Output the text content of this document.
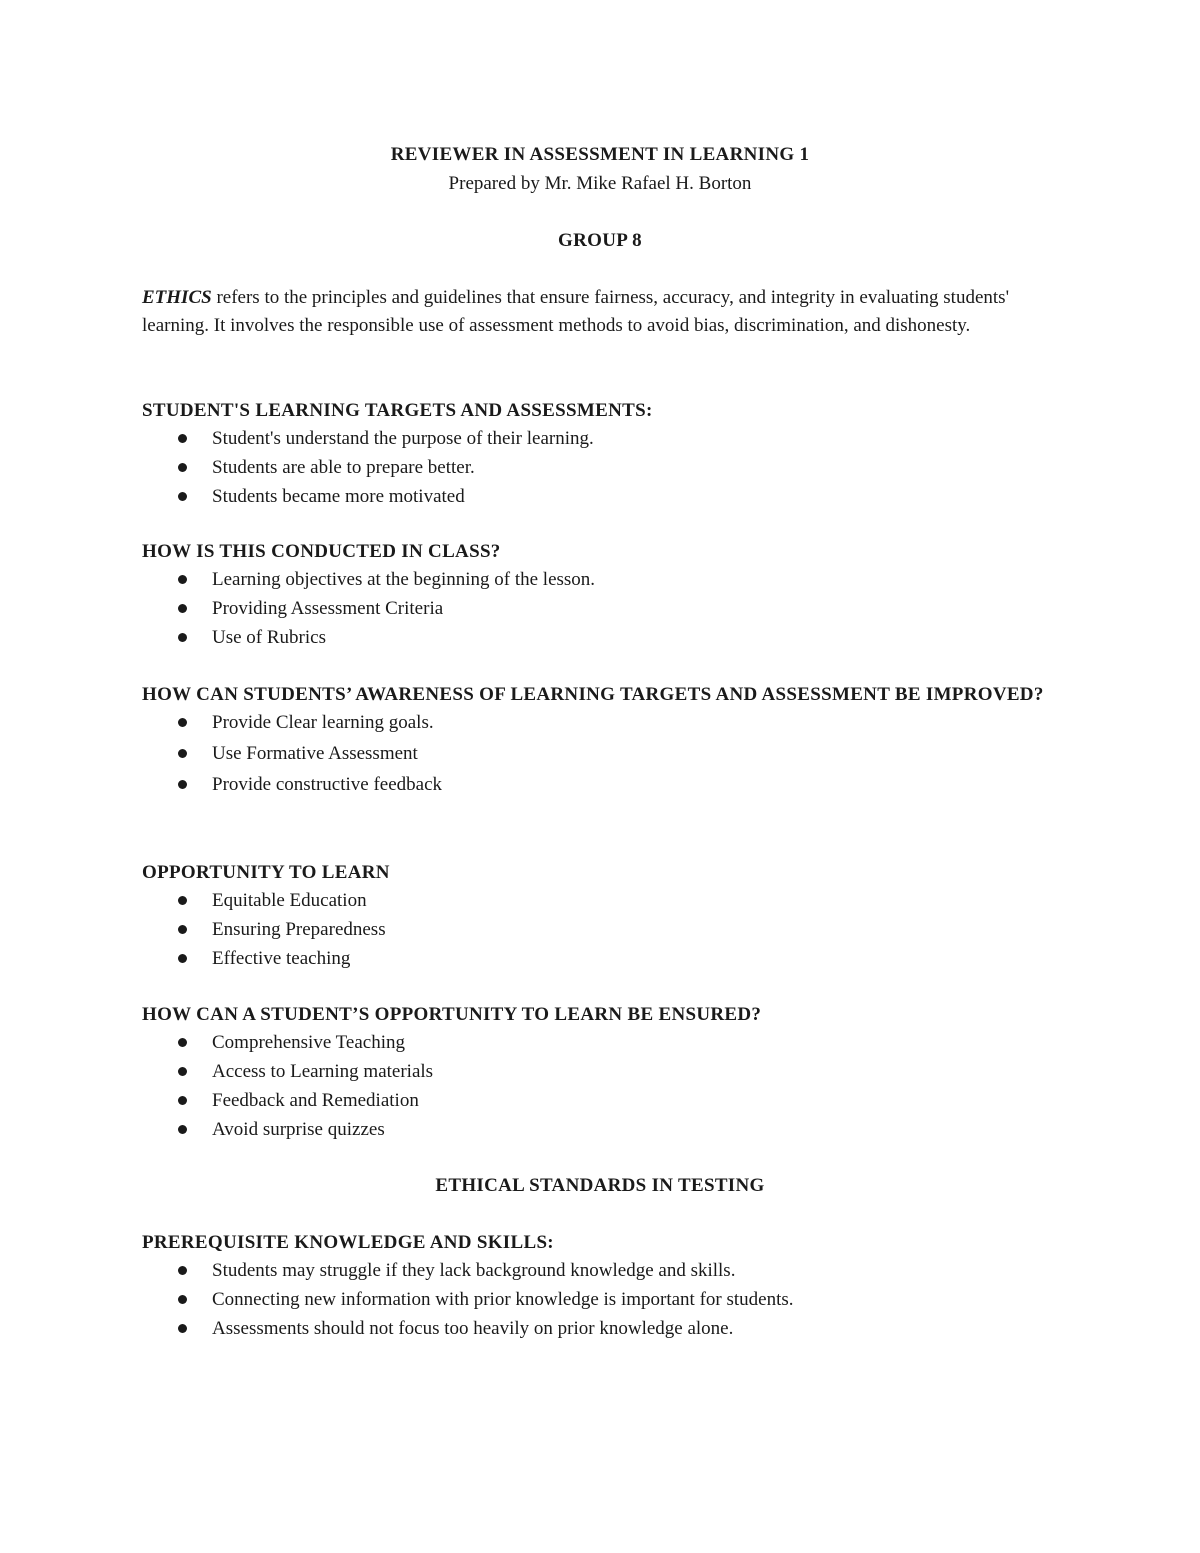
REVIEWER IN ASSESSMENT IN LEARNING 1
Prepared by Mr. Mike Rafael H. Borton
GROUP 8
ETHICS refers to the principles and guidelines that ensure fairness, accuracy, and integrity in evaluating students' learning. It involves the responsible use of assessment methods to avoid bias, discrimination, and dishonesty.
STUDENT'S LEARNING TARGETS AND ASSESSMENTS:
Student's understand the purpose of their learning.
Students are able to prepare better.
Students became more motivated
HOW IS THIS CONDUCTED IN CLASS?
Learning objectives at the beginning of the lesson.
Providing Assessment Criteria
Use of Rubrics
HOW CAN STUDENTS’ AWARENESS OF LEARNING TARGETS AND ASSESSMENT BE IMPROVED?
Provide Clear learning goals.
Use Formative Assessment
Provide constructive feedback
OPPORTUNITY TO LEARN
Equitable Education
Ensuring Preparedness
Effective teaching
HOW CAN A STUDENT’S OPPORTUNITY TO LEARN BE ENSURED?
Comprehensive Teaching
Access to Learning materials
Feedback and Remediation
Avoid surprise quizzes
ETHICAL STANDARDS IN TESTING
PREREQUISITE KNOWLEDGE AND SKILLS:
Students may struggle if they lack background knowledge and skills.
Connecting new information with prior knowledge is important for students.
Assessments should not focus too heavily on prior knowledge alone.
